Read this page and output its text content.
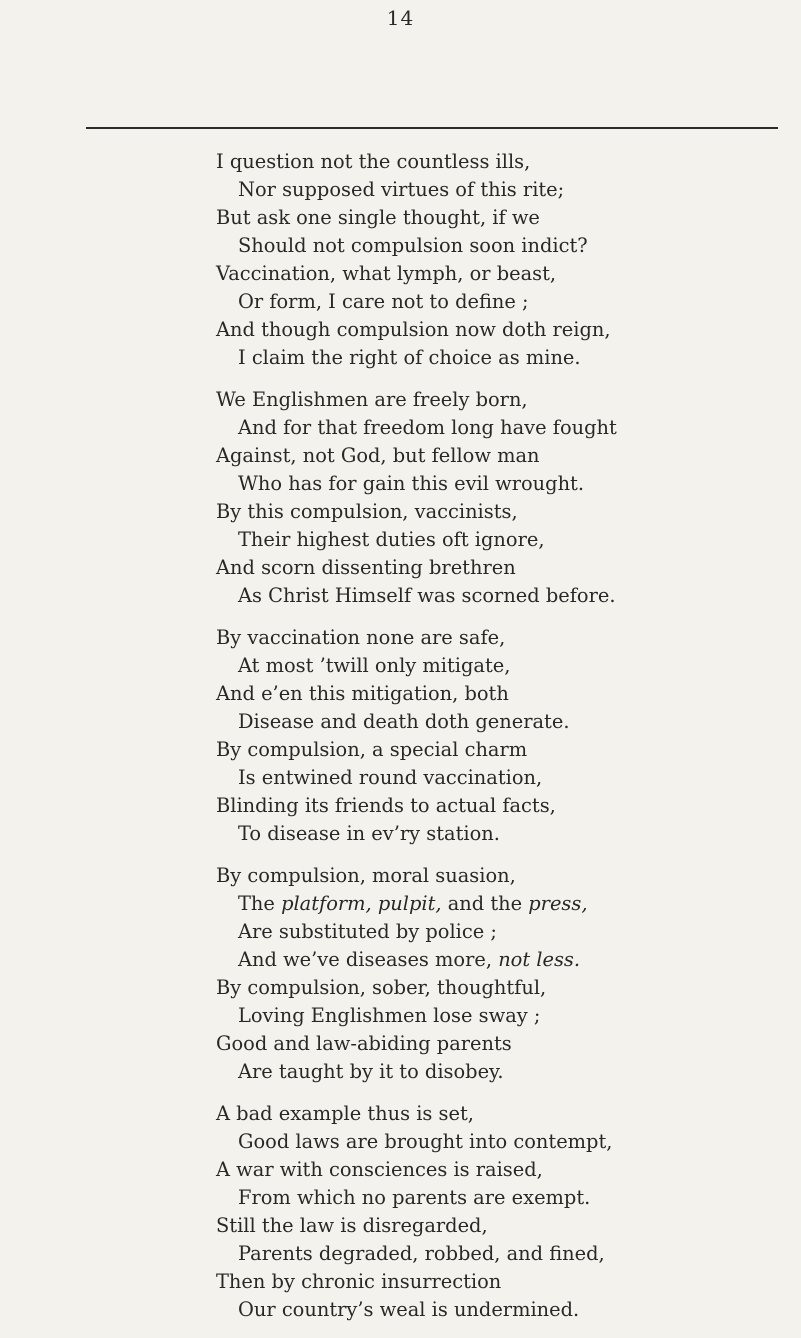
14
I question not the countless ills,
Nor supposed virtues of this rite;
But ask one single thought, if we
Should not compulsion soon indict?
Vaccination, what lymph, or beast,
Or form, I care not to define ;
And though compulsion now doth reign,
I claim the right of choice as mine.
We Englishmen are freely born,
And for that freedom long have fought
Against, not God, but fellow man
Who has for gain this evil wrought.
By this compulsion, vaccinists,
Their highest duties oft ignore,
And scorn dissenting brethren
As Christ Himself was scorned before.
By vaccination none are safe,
At most ’twill only mitigate,
And e’en this mitigation, both
Disease and death doth generate.
By compulsion, a special charm
Is entwined round vaccination,
Blinding its friends to actual facts,
To disease in ev’ry station.
By compulsion, moral suasion,
The platform, pulpit, and the press,
Are substituted by police ;
And we’ve diseases more, not less.
By compulsion, sober, thoughtful,
Loving Englishmen lose sway ;
Good and law-abiding parents
Are taught by it to disobey.
A bad example thus is set,
Good laws are brought into contempt,
A war with consciences is raised,
From which no parents are exempt.
Still the law is disregarded,
Parents degraded, robbed, and fined,
Then by chronic insurrection
Our country’s weal is undermined.
